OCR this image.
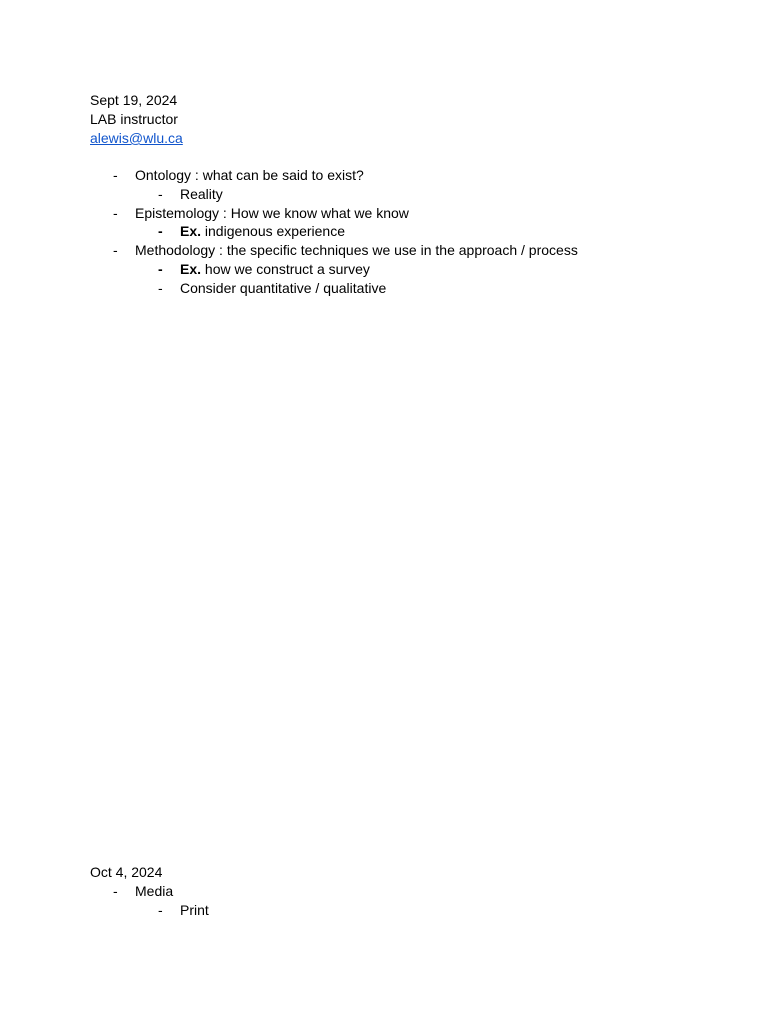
Sept 19, 2024
LAB instructor
alewis@wlu.ca
- Ontology : what can be said to exist?
- Reality
- Epistemology : How we know what we know
- Ex. indigenous experience
- Methodology : the specific techniques we use in the approach / process
- Ex. how we construct a survey
- Consider quantitative / qualitative
Oct 4, 2024
- Media
- Print
